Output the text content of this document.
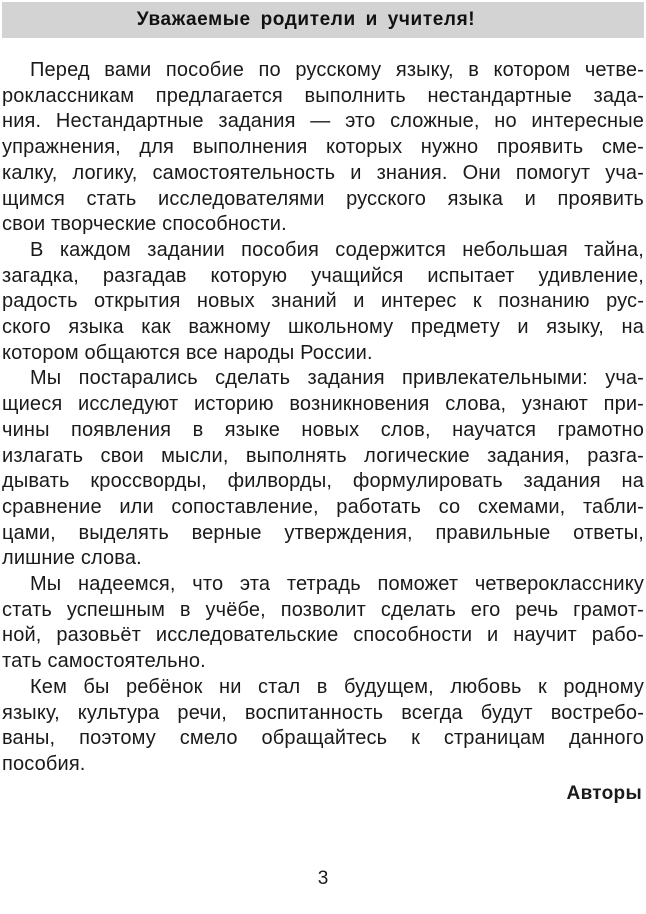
Уважаемые родители и учителя!
Перед вами пособие по русскому языку, в котором четве-
роклассникам предлагается выполнить нестандартные зада-
ния. Нестандартные задания — это сложные, но интересные
упражнения, для выполнения которых нужно проявить сме-
калку, логику, самостоятельность и знания. Они помогут уча-
щимся стать исследователями русского языка и проявить
свои творческие способности.
В каждом задании пособия содержится небольшая тайна,
загадка, разгадав которую учащийся испытает удивление,
радость открытия новых знаний и интерес к познанию рус-
ского языка как важному школьному предмету и языку, на
котором общаются все народы России.
Мы постарались сделать задания привлекательными: уча-
щиеся исследуют историю возникновения слова, узнают при-
чины появления в языке новых слов, научатся грамотно
излагать свои мысли, выполнять логические задания, разга-
дывать кроссворды, филворды, формулировать задания на
сравнение или сопоставление, работать со схемами, табли-
цами, выделять верные утверждения, правильные ответы,
лишние слова.
Мы надеемся, что эта тетрадь поможет четверокласснику
стать успешным в учёбе, позволит сделать его речь грамот-
ной, разовьёт исследовательские способности и научит рабо-
тать самостоятельно.
Кем бы ребёнок ни стал в будущем, любовь к родному
языку, культура речи, воспитанность всегда будут востребо-
ваны, поэтому смело обращайтесь к страницам данного
пособия.
Авторы
3
